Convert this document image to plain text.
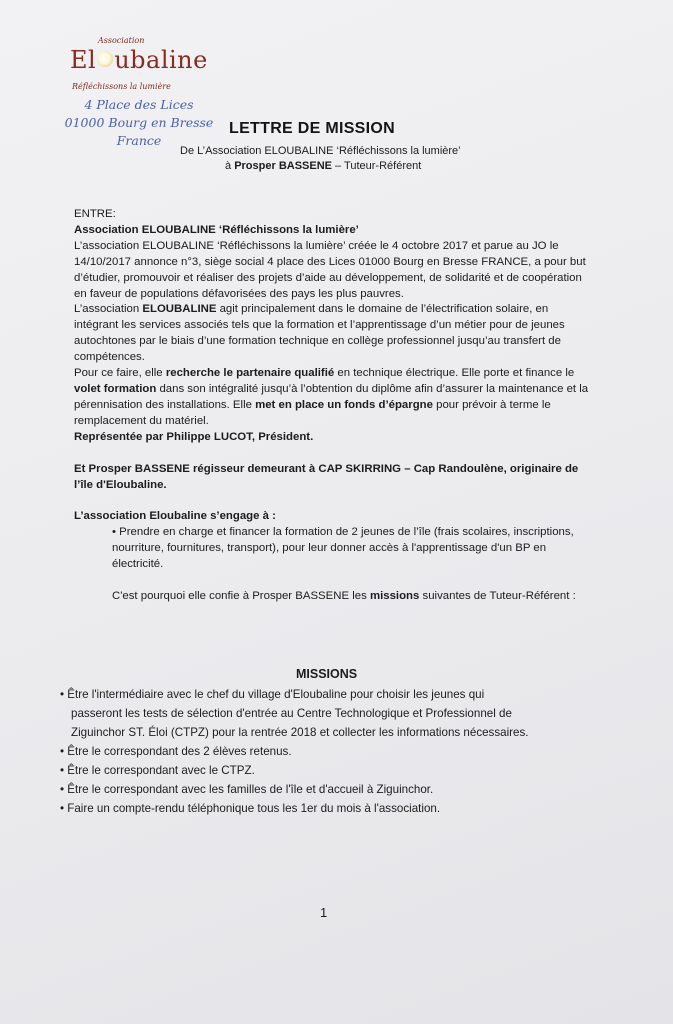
Association
El ubaline
Réfléchissons la lumière
4 Place des Lices
01000 Bourg en Bresse
France
LETTRE DE MISSION
De L’Association ELOUBALINE ‘Réfléchissons la lumière’
à Prosper BASSENE – Tuteur-Référent

ENTRE:

Association ELOUBALINE ‘Réfléchissons la lumière’

L’association ELOUBALINE ‘Réfléchissons la lumière’ créée le 4 octobre 2017 et parue au JO le 14/10/2017 annonce n°3, siège social 4 place des Lices 01000 Bourg en Bresse FRANCE, a pour but d’étudier, promouvoir et réaliser des projets d’aide au développement, de solidarité et de coopération en faveur de populations défavorisées des pays les plus pauvres.

L’association ELOUBALINE agit principalement dans le domaine de l’électrification solaire, en intégrant les services associés tels que la formation et l’apprentissage d’un métier pour de jeunes autochtones par le biais d’une formation technique en collège professionnel jusqu’au transfert de compétences.

Pour ce faire, elle recherche le partenaire qualifié en technique électrique. Elle porte et finance le volet formation dans son intégralité jusqu’à l’obtention du diplôme afin d’assurer la maintenance et la pérennisation des installations. Elle met en place un fonds d’épargne pour prévoir à terme le remplacement du matériel.

Représentée par Philippe LUCOT, Président.

Et Prosper BASSENE régisseur demeurant à CAP SKIRRING – Cap Randoulène, originaire de l’île d'Eloubaline.

L’association Eloubaline s’engage à :

• Prendre en charge et financer la formation de 2 jeunes de l’île (frais scolaires, inscriptions, nourriture, fournitures, transport), pour leur donner accès à l'apprentissage d'un BP en électricité.

C'est pourquoi elle confie à Prosper BASSENE les missions suivantes de Tuteur-Référent :

MISSIONS
• Être l'intermédiaire avec le chef du village d'Eloubaline pour choisir les jeunes qui
passeront les tests de sélection d'entrée au Centre Technologique et Professionnel de
Ziguinchor ST. Éloi (CTPZ) pour la rentrée 2018 et collecter les informations nécessaires.
• Être le correspondant des 2 élèves retenus.
• Être le correspondant avec le CTPZ.
• Être le correspondant avec les familles de l'île et d'accueil à Ziguinchor.
• Faire un compte-rendu téléphonique tous les 1er du mois à l'association.
1
